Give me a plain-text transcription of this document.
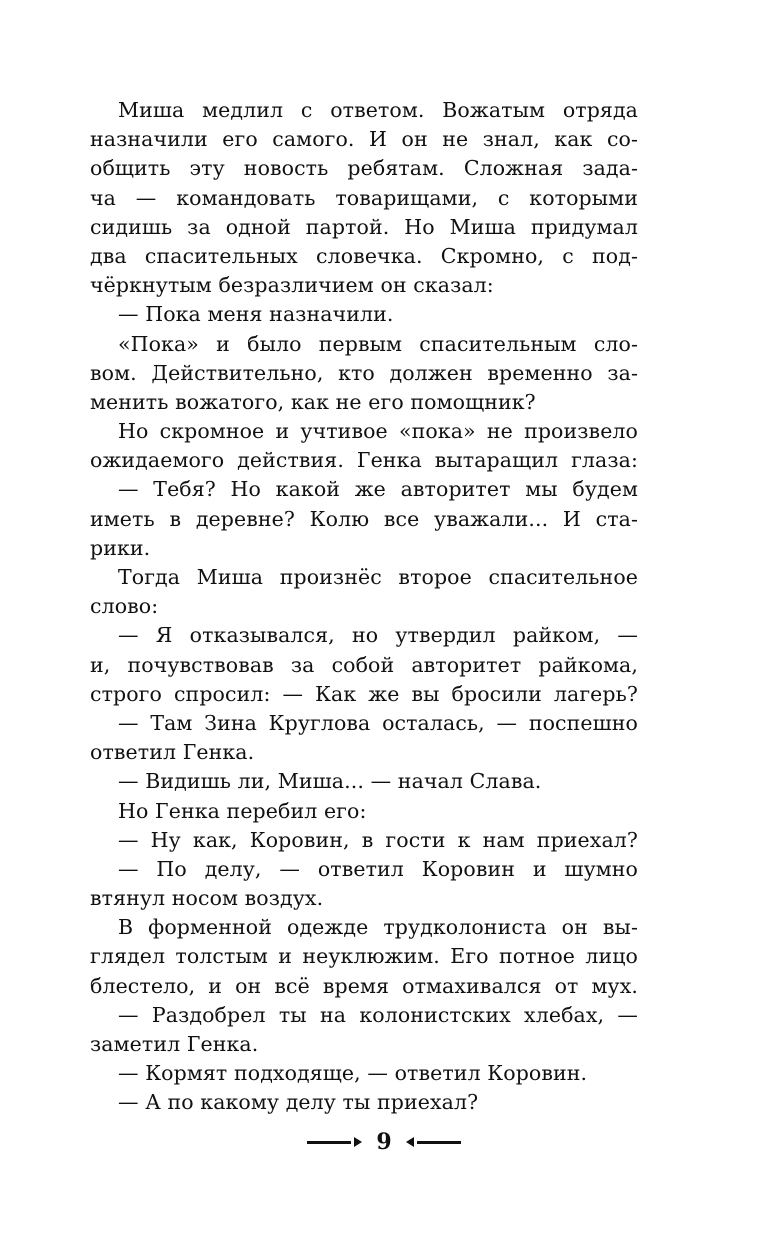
Миша медлил с ответом. Вожатым отряда
назначили его самого. И он не знал, как со-
общить эту новость ребятам. Сложная зада-
ча — командовать товарищами, с которыми
сидишь за одной партой. Но Миша придумал
два спасительных словечка. Скромно, с под-
чёркнутым безразличием он сказал:
— Пока меня назначили.
«Пока» и было первым спасительным сло-
вом. Действительно, кто должен временно за-
менить вожатого, как не его помощник?
Но скромное и учтивое «пока» не произвело
ожидаемого действия. Генка вытаращил глаза:
— Тебя? Но какой же авторитет мы будем
иметь в деревне? Колю все уважали... И ста-
рики.
Тогда Миша произнёс второе спасительное
слово:
— Я отказывался, но утвердил райком, —
и, почувствовав за собой авторитет райкома,
строго спросил: — Как же вы бросили лагерь?
— Там Зина Круглова осталась, — поспешно
ответил Генка.
— Видишь ли, Миша... — начал Слава.
Но Генка перебил его:
— Ну как, Коровин, в гости к нам приехал?
— По делу, — ответил Коровин и шумно
втянул носом воздух.
В форменной одежде трудколониста он вы-
глядел толстым и неуклюжим. Его потное лицо
блестело, и он всё время отмахивался от мух.
— Раздобрел ты на колонистских хлебах, —
заметил Генка.
— Кормят подходяще, — ответил Коровин.
— А по какому делу ты приехал?
9
